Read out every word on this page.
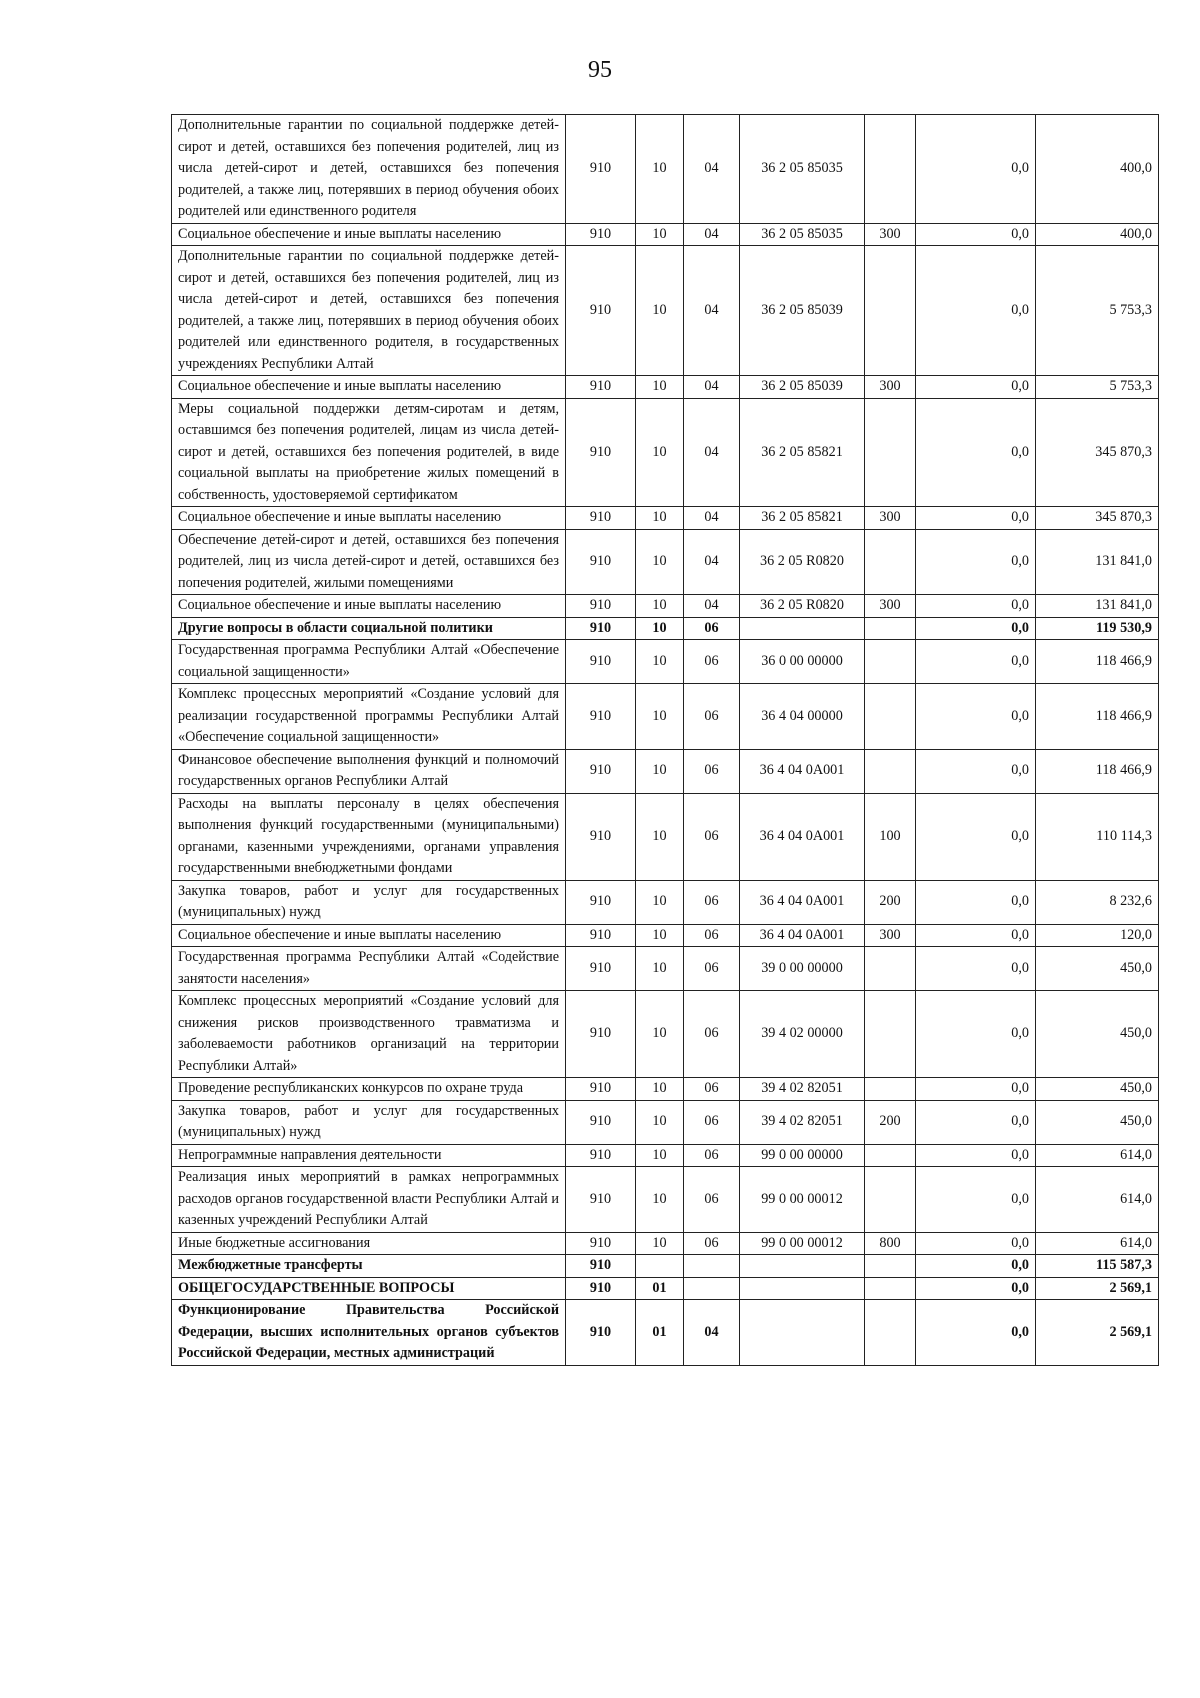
95
Дополнительные гарантии по социальной поддержке детей-сирот и детей, оставшихся без попечения родителей, лиц из числа детей-сирот и детей, оставшихся без попечения родителей, а также лиц, потерявших в период обучения обоих родителей или единственного родителя	910	10	04	36 2 05 85035		0,0	400,0
Социальное обеспечение и иные выплаты населению	910	10	04	36 2 05 85035	300	0,0	400,0
Дополнительные гарантии по социальной поддержке детей-сирот и детей, оставшихся без попечения родителей, лиц из числа детей-сирот и детей, оставшихся без попечения родителей, а также лиц, потерявших в период обучения обоих родителей или единственного родителя, в государственных учреждениях Республики Алтай	910	10	04	36 2 05 85039		0,0	5 753,3
Социальное обеспечение и иные выплаты населению	910	10	04	36 2 05 85039	300	0,0	5 753,3
Меры социальной поддержки детям-сиротам и детям, оставшимся без попечения родителей, лицам из числа детей-сирот и детей, оставшихся без попечения родителей, в виде социальной выплаты на приобретение жилых помещений в собственность, удостоверяемой сертификатом	910	10	04	36 2 05 85821		0,0	345 870,3
Социальное обеспечение и иные выплаты населению	910	10	04	36 2 05 85821	300	0,0	345 870,3
Обеспечение детей-сирот и детей, оставшихся без попечения родителей, лиц из числа детей-сирот и детей, оставшихся без попечения родителей, жилыми помещениями	910	10	04	36 2 05 R0820		0,0	131 841,0
Социальное обеспечение и иные выплаты населению	910	10	04	36 2 05 R0820	300	0,0	131 841,0
Другие вопросы в области социальной политики	910	10	06			0,0	119 530,9
Государственная программа Республики Алтай «Обеспечение социальной защищенности»	910	10	06	36 0 00 00000		0,0	118 466,9
Комплекс процессных мероприятий «Создание условий для реализации государственной программы Республики Алтай «Обеспечение социальной защищенности»	910	10	06	36 4 04 00000		0,0	118 466,9
Финансовое обеспечение выполнения функций и полномочий государственных органов Республики Алтай	910	10	06	36 4 04 0А001		0,0	118 466,9
Расходы на выплаты персоналу в целях обеспечения выполнения функций государственными (муниципальными) органами, казенными учреждениями, органами управления государственными внебюджетными фондами	910	10	06	36 4 04 0А001	100	0,0	110 114,3
Закупка товаров, работ и услуг для государственных (муниципальных) нужд	910	10	06	36 4 04 0А001	200	0,0	8 232,6
Социальное обеспечение и иные выплаты населению	910	10	06	36 4 04 0А001	300	0,0	120,0
Государственная программа Республики Алтай «Содействие занятости населения»	910	10	06	39 0 00 00000		0,0	450,0
Комплекс процессных мероприятий «Создание условий для снижения рисков производственного травматизма и заболеваемости работников организаций на территории Республики Алтай»	910	10	06	39 4 02 00000		0,0	450,0
Проведение республиканских конкурсов по охране труда	910	10	06	39 4 02 82051		0,0	450,0
Закупка товаров, работ и услуг для государственных (муниципальных) нужд	910	10	06	39 4 02 82051	200	0,0	450,0
Непрограммные направления деятельности	910	10	06	99 0 00 00000		0,0	614,0
Реализация иных мероприятий в рамках непрограммных расходов органов государственной власти Республики Алтай и казенных учреждений Республики Алтай	910	10	06	99 0 00 00012		0,0	614,0
Иные бюджетные ассигнования	910	10	06	99 0 00 00012	800	0,0	614,0
Межбюджетные трансферты	910					0,0	115 587,3
ОБЩЕГОСУДАРСТВЕННЫЕ ВОПРОСЫ	910	01				0,0	2 569,1
Функционирование Правительства Российской Федерации, высших исполнительных органов субъектов Российской Федерации, местных администраций	910	01	04			0,0	2 569,1
